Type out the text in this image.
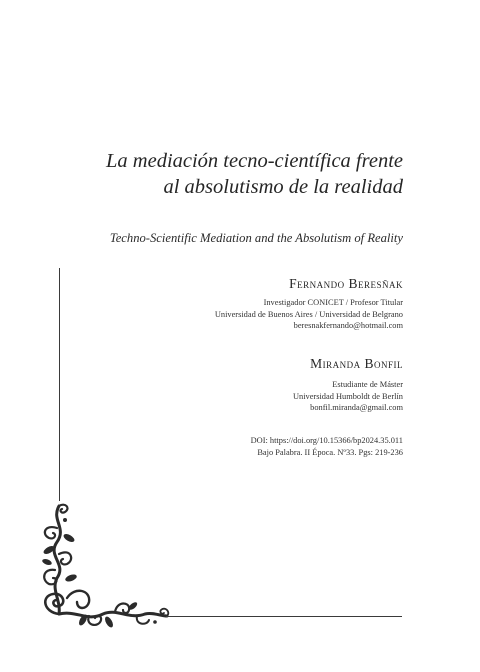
La mediación tecno-científica frente
al absolutismo de la realidad

Techno-Scientific Mediation and the Absolutism of Reality

Fernando Beresñak

Investigador CONICET / Profesor Titular
Universidad de Buenos Aires / Universidad de Belgrano
beresnakfernando@hotmail.com

Miranda Bonfil

Estudiante de Máster
Universidad Humboldt de Berlín
bonfil.miranda@gmail.com
DOI: https://doi.org/10.15366/bp2024.35.011
Bajo Palabra. II Época. Nº33. Pgs: 219-236
